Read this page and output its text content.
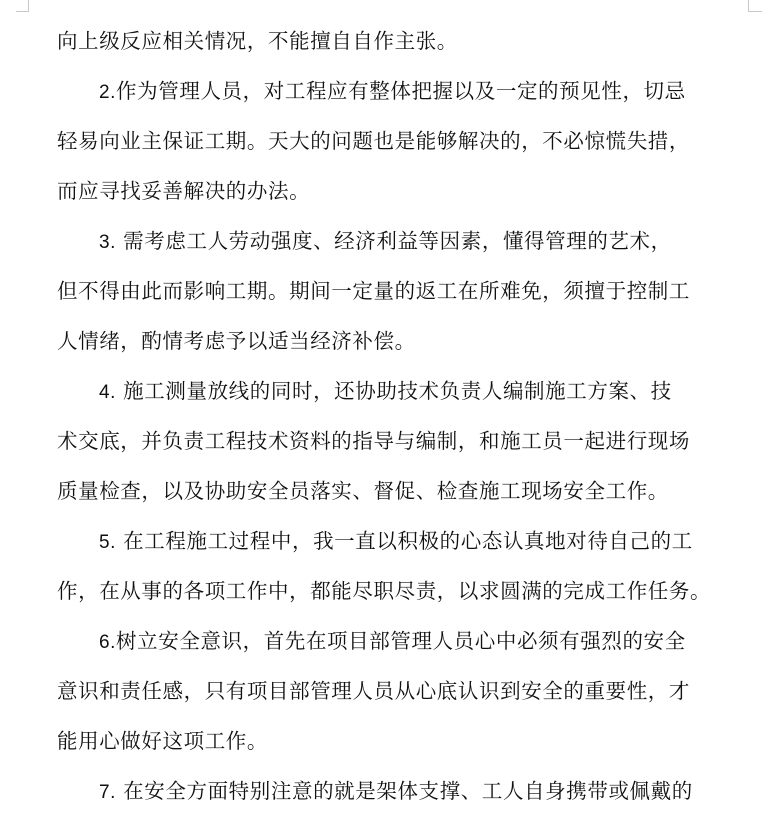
向上级反应相关情况，不能擅自自作主张。
2.作为管理人员，对工程应有整体把握以及一定的预见性，切忌
轻易向业主保证工期。天大的问题也是能够解决的，不必惊慌失措，
而应寻找妥善解决的办法。
3. 需考虑工人劳动强度、经济利益等因素，懂得管理的艺术，
但不得由此而影响工期。期间一定量的返工在所难免，须擅于控制工
人情绪，酌情考虑予以适当经济补偿。
4. 施工测量放线的同时，还协助技术负责人编制施工方案、技
术交底，并负责工程技术资料的指导与编制，和施工员一起进行现场
质量检查，以及协助安全员落实、督促、检查施工现场安全工作。
5. 在工程施工过程中，我一直以积极的心态认真地对待自己的工
作，在从事的各项工作中，都能尽职尽责，以求圆满的完成工作任务。
6.树立安全意识，首先在项目部管理人员心中必须有强烈的安全
意识和责任感，只有项目部管理人员从心底认识到安全的重要性，才
能用心做好这项工作。
7. 在安全方面特别注意的就是架体支撑、工人自身携带或佩戴的
